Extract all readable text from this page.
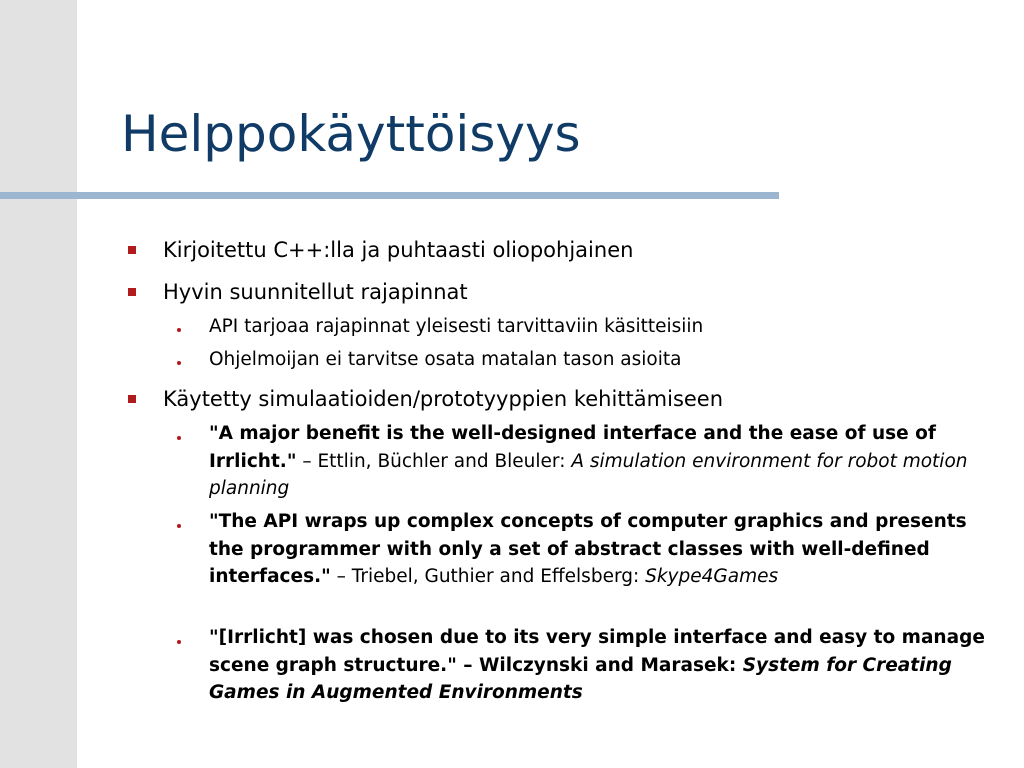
Helppokäyttöisyys
Kirjoitettu C++:lla ja puhtaasti oliopohjainen
Hyvin suunnitellut rajapinnat
API tarjoaa rajapinnat yleisesti tarvittaviin käsitteisiin
Ohjelmoijan ei tarvitse osata matalan tason asioita
Käytetty simulaatioiden/prototyyppien kehittämiseen
"A major benefit is the well-designed interface and the ease of use of Irrlicht." – Ettlin, Büchler and Bleuler: A simulation environment for robot motion planning
"The API wraps up complex concepts of computer graphics and presents the programmer with only a set of abstract classes with well-defined interfaces." – Triebel, Guthier and Effelsberg: Skype4Games
"[Irrlicht] was chosen due to its very simple interface and easy to manage scene graph structure." – Wilczynski and Marasek: System for Creating Games in Augmented Environments
